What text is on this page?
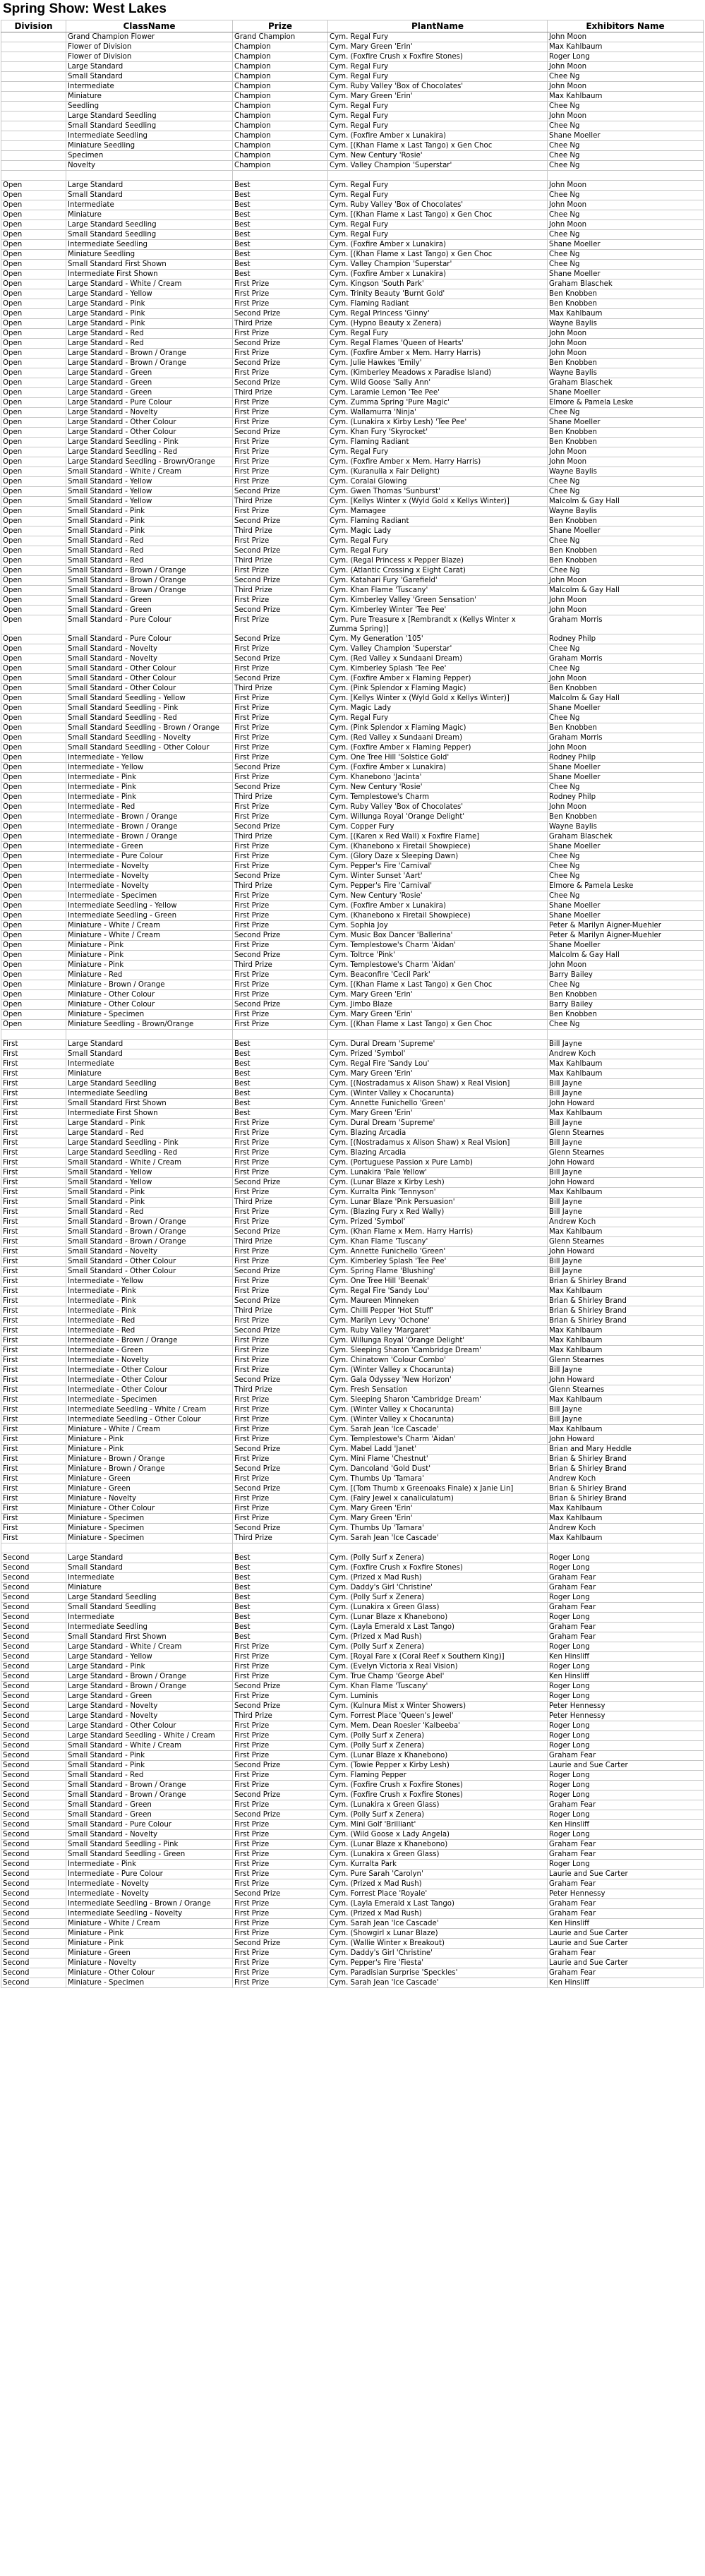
Spring Show: West Lakes
Division	ClassName	Prize	PlantName	Exhibitors Name
	Grand Champion Flower	Grand Champion	Cym. Regal Fury	John Moon
	Flower of Division	Champion	Cym. Mary Green 'Erin'	Max Kahlbaum
	Flower of Division	Champion	Cym. (Foxfire Crush x Foxfire Stones)	Roger Long
	Large Standard	Champion	Cym. Regal Fury	John Moon
	Small Standard	Champion	Cym. Regal Fury	Chee Ng
	Intermediate	Champion	Cym. Ruby Valley 'Box of Chocolates'	John Moon
	Miniature	Champion	Cym. Mary Green 'Erin'	Max Kahlbaum
	Seedling	Champion	Cym. Regal Fury	Chee Ng
	Large Standard Seedling	Champion	Cym. Regal Fury	John Moon
	Small Standard Seedling	Champion	Cym. Regal Fury	Chee Ng
	Intermediate Seedling	Champion	Cym. (Foxfire Amber x Lunakira)	Shane Moeller
	Miniature Seedling	Champion	Cym. [(Khan Flame x Last Tango) x Gen Choc	Chee Ng
	Specimen	Champion	Cym. New Century 'Rosie'	Chee Ng
	Novelty	Champion	Cym. Valley Champion 'Superstar'	Chee Ng

Open	Large Standard	Best	Cym. Regal Fury	John Moon
Open	Small Standard	Best	Cym. Regal Fury	Chee Ng
Open	Intermediate	Best	Cym. Ruby Valley 'Box of Chocolates'	John Moon
Open	Miniature	Best	Cym. [(Khan Flame x Last Tango) x Gen Choc	Chee Ng
Open	Large Standard Seedling	Best	Cym. Regal Fury	John Moon
Open	Small Standard Seedling	Best	Cym. Regal Fury	Chee Ng
Open	Intermediate Seedling	Best	Cym. (Foxfire Amber x Lunakira)	Shane Moeller
Open	Miniature Seedling	Best	Cym. [(Khan Flame x Last Tango) x Gen Choc	Chee Ng
Open	Small Standard First Shown	Best	Cym. Valley Champion 'Superstar'	Chee Ng
Open	Intermediate First Shown	Best	Cym. (Foxfire Amber x Lunakira)	Shane Moeller
Open	Large Standard - White / Cream	First Prize	Cym. Kingson 'South Park'	Graham Blaschek
Open	Large Standard - Yellow	First Prize	Cym. Trinity Beauty 'Burnt Gold'	Ben Knobben
Open	Large Standard - Pink	First Prize	Cym. Flaming Radiant	Ben Knobben
Open	Large Standard - Pink	Second Prize	Cym. Regal Princess 'Ginny'	Max Kahlbaum
Open	Large Standard - Pink	Third Prize	Cym. (Hypno Beauty x Zenera)	Wayne Baylis
Open	Large Standard - Red	First Prize	Cym. Regal Fury	John Moon
Open	Large Standard - Red	Second Prize	Cym. Regal Flames 'Queen of Hearts'	John Moon
Open	Large Standard - Brown / Orange	First Prize	Cym. (Foxfire Amber x Mem. Harry Harris)	John Moon
Open	Large Standard - Brown / Orange	Second Prize	Cym. Julie Hawkes 'Emily'	Ben Knobben
Open	Large Standard - Green	First Prize	Cym. (Kimberley Meadows x Paradise Island)	Wayne Baylis
Open	Large Standard - Green	Second Prize	Cym. Wild Goose 'Sally Ann'	Graham Blaschek
Open	Large Standard - Green	Third Prize	Cym. Laramie Lemon 'Tee Pee'	Shane Moeller
Open	Large Standard - Pure Colour	First Prize	Cym. Zumma Spring 'Pure Magic'	Elmore & Pamela Leske
Open	Large Standard - Novelty	First Prize	Cym. Wallamurra 'Ninja'	Chee Ng
Open	Large Standard - Other Colour	First Prize	Cym. (Lunakira x Kirby Lesh) 'Tee Pee'	Shane Moeller
Open	Large Standard - Other Colour	Second Prize	Cym. Khan Fury 'Skyrocket'	Ben Knobben
Open	Large Standard Seedling - Pink	First Prize	Cym. Flaming Radiant	Ben Knobben
Open	Large Standard Seedling - Red	First Prize	Cym. Regal Fury	John Moon
Open	Large Standard Seedling - Brown/Orange	First Prize	Cym. (Foxfire Amber x Mem. Harry Harris)	John Moon
Open	Small Standard - White / Cream	First Prize	Cym. (Kuranulla x Fair Delight)	Wayne Baylis
Open	Small Standard - Yellow	First Prize	Cym. Coralai Glowing	Chee Ng
Open	Small Standard - Yellow	Second Prize	Cym. Gwen Thomas 'Sunburst'	Chee Ng
Open	Small Standard - Yellow	Third Prize	Cym. [Kellys Winter x (Wyld Gold x Kellys Winter)]	Malcolm & Gay Hall
Open	Small Standard - Pink	First Prize	Cym. Mamagee	Wayne Baylis
Open	Small Standard - Pink	Second Prize	Cym. Flaming Radiant	Ben Knobben
Open	Small Standard - Pink	Third Prize	Cym. Magic Lady	Shane Moeller
Open	Small Standard - Red	First Prize	Cym. Regal Fury	Chee Ng
Open	Small Standard - Red	Second Prize	Cym. Regal Fury	Ben Knobben
Open	Small Standard - Red	Third Prize	Cym. (Regal Princess x Pepper Blaze)	Ben Knobben
Open	Small Standard - Brown / Orange	First Prize	Cym. (Atlantic Crossing x Eight Carat)	Chee Ng
Open	Small Standard - Brown / Orange	Second Prize	Cym. Katahari Fury 'Garefield'	John Moon
Open	Small Standard - Brown / Orange	Third Prize	Cym. Khan Flame 'Tuscany'	Malcolm & Gay Hall
Open	Small Standard - Green	First Prize	Cym. Kimberley Valley 'Green Sensation'	John Moon
Open	Small Standard - Green	Second Prize	Cym. Kimberley Winter 'Tee Pee'	John Moon
Open	Small Standard - Pure Colour	First Prize	Cym. Pure Treasure x [Rembrandt x (Kellys Winter x Zumma Spring)]	Graham Morris
Open	Small Standard - Pure Colour	Second Prize	Cym. My Generation '105'	Rodney Philp
Open	Small Standard - Novelty	First Prize	Cym. Valley Champion 'Superstar'	Chee Ng
Open	Small Standard - Novelty	Second Prize	Cym. (Red Valley x Sundaani Dream)	Graham Morris
Open	Small Standard - Other Colour	First Prize	Cym. Kimberley Splash 'Tee Pee'	Chee Ng
Open	Small Standard - Other Colour	Second Prize	Cym. (Foxfire Amber x Flaming Pepper)	John Moon
Open	Small Standard - Other Colour	Third Prize	Cym. (Pink Splendor x Flaming Magic)	Ben Knobben
Open	Small Standard Seedling - Yellow	First Prize	Cym. [Kellys Winter x (Wyld Gold x Kellys Winter)]	Malcolm & Gay Hall
Open	Small Standard Seedling - Pink	First Prize	Cym. Magic Lady	Shane Moeller
Open	Small Standard Seedling - Red	First Prize	Cym. Regal Fury	Chee Ng
Open	Small Standard Seedling - Brown / Orange	First Prize	Cym. (Pink Splendor x Flaming Magic)	Ben Knobben
Open	Small Standard Seedling - Novelty	First Prize	Cym. (Red Valley x Sundaani Dream)	Graham Morris
Open	Small Standard Seedling - Other Colour	First Prize	Cym. (Foxfire Amber x Flaming Pepper)	John Moon
Open	Intermediate - Yellow	First Prize	Cym. One Tree Hill 'Solstice Gold'	Rodney Philp
Open	Intermediate - Yellow	Second Prize	Cym. (Foxfire Amber x Lunakira)	Shane Moeller
Open	Intermediate - Pink	First Prize	Cym. Khanebono 'Jacinta'	Shane Moeller
Open	Intermediate - Pink	Second Prize	Cym. New Century 'Rosie'	Chee Ng
Open	Intermediate - Pink	Third Prize	Cym. Templestowe's Charm	Rodney Philp
Open	Intermediate - Red	First Prize	Cym. Ruby Valley 'Box of Chocolates'	John Moon
Open	Intermediate - Brown / Orange	First Prize	Cym. Willunga Royal 'Orange Delight'	Ben Knobben
Open	Intermediate - Brown / Orange	Second Prize	Cym. Copper Fury	Wayne Baylis
Open	Intermediate - Brown / Orange	Third Prize	Cym. [(Karen x Red Wall) x Foxfire Flame]	Graham Blaschek
Open	Intermediate - Green	First Prize	Cym. (Khanebono x Firetail Showpiece)	Shane Moeller
Open	Intermediate - Pure Colour	First Prize	Cym. (Glory Daze x Sleeping Dawn)	Chee Ng
Open	Intermediate - Novelty	First Prize	Cym. Pepper's Fire 'Carnival'	Chee Ng
Open	Intermediate - Novelty	Second Prize	Cym. Winter Sunset 'Aart'	Chee Ng
Open	Intermediate - Novelty	Third Prize	Cym. Pepper's Fire 'Carnival'	Elmore & Pamela Leske
Open	Intermediate - Specimen	First Prize	Cym. New Century 'Rosie'	Chee Ng
Open	Intermediate Seedling - Yellow	First Prize	Cym. (Foxfire Amber x Lunakira)	Shane Moeller
Open	Intermediate Seedling - Green	First Prize	Cym. (Khanebono x Firetail Showpiece)	Shane Moeller
Open	Miniature - White / Cream	First Prize	Cym. Sophia Joy	Peter & Marilyn Aigner-Muehler
Open	Miniature - White / Cream	Second Prize	Cym. Music Box Dancer 'Ballerina'	Peter & Marilyn Aigner-Muehler
Open	Miniature - Pink	First Prize	Cym. Templestowe's Charm 'Aidan'	Shane Moeller
Open	Miniature - Pink	Second Prize	Cym. Toltrce 'Pink'	Malcolm & Gay Hall
Open	Miniature - Pink	Third Prize	Cym. Templestowe's Charm 'Aidan'	John Moon
Open	Miniature - Red	First Prize	Cym. Beaconfire 'Cecil Park'	Barry Bailey
Open	Miniature - Brown / Orange	First Prize	Cym. [(Khan Flame x Last Tango) x Gen Choc	Chee Ng
Open	Miniature - Other Colour	First Prize	Cym. Mary Green 'Erin'	Ben Knobben
Open	Miniature - Other Colour	Second Prize	Cym. Jimbo Blaze	Barry Bailey
Open	Miniature - Specimen	First Prize	Cym. Mary Green 'Erin'	Ben Knobben
Open	Miniature Seedling - Brown/Orange	First Prize	Cym. [(Khan Flame x Last Tango) x Gen Choc	Chee Ng

First	Large Standard	Best	Cym. Dural Dream 'Supreme'	Bill Jayne
First	Small Standard	Best	Cym. Prized 'Symbol'	Andrew Koch
First	Intermediate	Best	Cym. Regal Fire 'Sandy Lou'	Max Kahlbaum
First	Miniature	Best	Cym. Mary Green 'Erin'	Max Kahlbaum
First	Large Standard Seedling	Best	Cym. [(Nostradamus x Alison Shaw) x Real Vision]	Bill Jayne
First	Intermediate Seedling	Best	Cym. (Winter Valley x Chocarunta)	Bill Jayne
First	Small Standard First Shown	Best	Cym. Annette Funichello 'Green'	John Howard
First	Intermediate First Shown	Best	Cym. Mary Green 'Erin'	Max Kahlbaum
First	Large Standard - Pink	First Prize	Cym. Dural Dream 'Supreme'	Bill Jayne
First	Large Standard - Red	First Prize	Cym. Blazing Arcadia	Glenn Stearnes
First	Large Standard Seedling - Pink	First Prize	Cym. [(Nostradamus x Alison Shaw) x Real Vision]	Bill Jayne
First	Large Standard Seedling - Red	First Prize	Cym. Blazing Arcadia	Glenn Stearnes
First	Small Standard - White / Cream	First Prize	Cym. (Portuguese Passion x Pure Lamb)	John Howard
First	Small Standard - Yellow	First Prize	Cym. Lunakira 'Pale Yellow'	Bill Jayne
First	Small Standard - Yellow	Second Prize	Cym. (Lunar Blaze x Kirby Lesh)	John Howard
First	Small Standard - Pink	First Prize	Cym. Kurralta Pink 'Tennyson'	Max Kahlbaum
First	Small Standard - Pink	Third Prize	Cym. Lunar Blaze 'Pink Persuasion'	Bill Jayne
First	Small Standard - Red	First Prize	Cym. (Blazing Fury x Red Wally)	Bill Jayne
First	Small Standard - Brown / Orange	First Prize	Cym. Prized 'Symbol'	Andrew Koch
First	Small Standard - Brown / Orange	Second Prize	Cym. (Khan Flame x Mem. Harry Harris)	Max Kahlbaum
First	Small Standard - Brown / Orange	Third Prize	Cym. Khan Flame 'Tuscany'	Glenn Stearnes
First	Small Standard - Novelty	First Prize	Cym. Annette Funichello 'Green'	John Howard
First	Small Standard - Other Colour	First Prize	Cym. Kimberley Splash 'Tee Pee'	Bill Jayne
First	Small Standard - Other Colour	Second Prize	Cym. Spring Flame 'Blushing'	Bill Jayne
First	Intermediate - Yellow	First Prize	Cym. One Tree Hill 'Beenak'	Brian & Shirley Brand
First	Intermediate - Pink	First Prize	Cym. Regal Fire 'Sandy Lou'	Max Kahlbaum
First	Intermediate - Pink	Second Prize	Cym. Maureen Minneken	Brian & Shirley Brand
First	Intermediate - Pink	Third Prize	Cym. Chilli Pepper 'Hot Stuff'	Brian & Shirley Brand
First	Intermediate - Red	First Prize	Cym. Marilyn Levy 'Ochone'	Brian & Shirley Brand
First	Intermediate - Red	Second Prize	Cym. Ruby Valley 'Margaret'	Max Kahlbaum
First	Intermediate - Brown / Orange	First Prize	Cym. Willunga Royal 'Orange Delight'	Max Kahlbaum
First	Intermediate - Green	First Prize	Cym. Sleeping Sharon 'Cambridge Dream'	Max Kahlbaum
First	Intermediate - Novelty	First Prize	Cym. Chinatown 'Colour Combo'	Glenn Stearnes
First	Intermediate - Other Colour	First Prize	Cym. (Winter Valley x Chocarunta)	Bill Jayne
First	Intermediate - Other Colour	Second Prize	Cym. Gala Odyssey 'New Horizon'	John Howard
First	Intermediate - Other Colour	Third Prize	Cym. Fresh Sensation	Glenn Stearnes
First	Intermediate - Specimen	First Prize	Cym. Sleeping Sharon 'Cambridge Dream'	Max Kahlbaum
First	Intermediate Seedling - White / Cream	First Prize	Cym. (Winter Valley x Chocarunta)	Bill Jayne
First	Intermediate Seedling - Other Colour	First Prize	Cym. (Winter Valley x Chocarunta)	Bill Jayne
First	Miniature - White / Cream	First Prize	Cym. Sarah Jean 'Ice Cascade'	Max Kahlbaum
First	Miniature - Pink	First Prize	Cym. Templestowe's Charm 'Aidan'	John Howard
First	Miniature - Pink	Second Prize	Cym. Mabel Ladd 'Janet'	Brian and Mary Heddle
First	Miniature - Brown / Orange	First Prize	Cym. Mini Flame 'Chestnut'	Brian & Shirley Brand
First	Miniature - Brown / Orange	Second Prize	Cym. Dancoland 'Gold Dust'	Brian & Shirley Brand
First	Miniature - Green	First Prize	Cym. Thumbs Up 'Tamara'	Andrew Koch
First	Miniature - Green	Second Prize	Cym. [(Tom Thumb x Greenoaks Finale) x Janie Lin]	Brian & Shirley Brand
First	Miniature - Novelty	First Prize	Cym. (Fairy Jewel x canaliculatum)	Brian & Shirley Brand
First	Miniature - Other Colour	First Prize	Cym. Mary Green 'Erin'	Max Kahlbaum
First	Miniature - Specimen	First Prize	Cym. Mary Green 'Erin'	Max Kahlbaum
First	Miniature - Specimen	Second Prize	Cym. Thumbs Up 'Tamara'	Andrew Koch
First	Miniature - Specimen	Third Prize	Cym. Sarah Jean 'Ice Cascade'	Max Kahlbaum

Second	Large Standard	Best	Cym. (Polly Surf x Zenera)	Roger Long
Second	Small Standard	Best	Cym. (Foxfire Crush x Foxfire Stones)	Roger Long
Second	Intermediate	Best	Cym. (Prized x Mad Rush)	Graham Fear
Second	Miniature	Best	Cym. Daddy's Girl 'Christine'	Graham Fear
Second	Large Standard Seedling	Best	Cym. (Polly Surf x Zenera)	Roger Long
Second	Small Standard Seedling	Best	Cym. (Lunakira x Green Glass)	Graham Fear
Second	Intermediate	Best	Cym. (Lunar Blaze x Khanebono)	Roger Long
Second	Intermediate Seedling	Best	Cym. (Layla Emerald x Last Tango)	Graham Fear
Second	Small Standard First Shown	Best	Cym. (Prized x Mad Rush)	Graham Fear
Second	Large Standard - White / Cream	First Prize	Cym. (Polly Surf x Zenera)	Roger Long
Second	Large Standard - Yellow	First Prize	Cym. [Royal Fare x (Coral Reef x Southern King)]	Ken Hinsliff
Second	Large Standard - Pink	First Prize	Cym. (Evelyn Victoria x Real Vision)	Roger Long
Second	Large Standard - Brown / Orange	First Prize	Cym. True Champ 'George Abel'	Ken Hinsliff
Second	Large Standard - Brown / Orange	Second Prize	Cym. Khan Flame 'Tuscany'	Roger Long
Second	Large Standard - Green	First Prize	Cym. Luminis	Roger Long
Second	Large Standard - Novelty	Second Prize	Cym. (Kulnura Mist x Winter Showers)	Peter Hennessy
Second	Large Standard - Novelty	Third Prize	Cym. Forrest Place 'Queen's Jewel'	Peter Hennessy
Second	Large Standard - Other Colour	First Prize	Cym. Mem. Dean Roesler 'Kalbeeba'	Roger Long
Second	Large Standard Seedling - White / Cream	First Prize	Cym. (Polly Surf x Zenera)	Roger Long
Second	Small Standard - White / Cream	First Prize	Cym. (Polly Surf x Zenera)	Roger Long
Second	Small Standard - Pink	First Prize	Cym. (Lunar Blaze x Khanebono)	Graham Fear
Second	Small Standard - Pink	Second Prize	Cym. (Towie Pepper x Kirby Lesh)	Laurie and Sue Carter
Second	Small Standard - Red	First Prize	Cym. Flaming Pepper	Roger Long
Second	Small Standard - Brown / Orange	First Prize	Cym. (Foxfire Crush x Foxfire Stones)	Roger Long
Second	Small Standard - Brown / Orange	Second Prize	Cym. (Foxfire Crush x Foxfire Stones)	Roger Long
Second	Small Standard - Green	First Prize	Cym. (Lunakira x Green Glass)	Graham Fear
Second	Small Standard - Green	Second Prize	Cym. (Polly Surf x Zenera)	Roger Long
Second	Small Standard - Pure Colour	First Prize	Cym. Mini Golf 'Brilliant'	Ken Hinsliff
Second	Small Standard - Novelty	First Prize	Cym. (Wild Goose x Lady Angela)	Roger Long
Second	Small Standard Seedling - Pink	First Prize	Cym. (Lunar Blaze x Khanebono)	Graham Fear
Second	Small Standard Seedling - Green	First Prize	Cym. (Lunakira x Green Glass)	Graham Fear
Second	Intermediate - Pink	First Prize	Cym. Kurralta Park	Roger Long
Second	Intermediate - Pure Colour	First Prize	Cym. Pure Sarah 'Carolyn'	Laurie and Sue Carter
Second	Intermediate - Novelty	First Prize	Cym. (Prized x Mad Rush)	Graham Fear
Second	Intermediate - Novelty	Second Prize	Cym. Forrest Place 'Royale'	Peter Hennessy
Second	Intermediate Seedling - Brown / Orange	First Prize	Cym. (Layla Emerald x Last Tango)	Graham Fear
Second	Intermediate Seedling - Novelty	First Prize	Cym. (Prized x Mad Rush)	Graham Fear
Second	Miniature - White / Cream	First Prize	Cym. Sarah Jean 'Ice Cascade'	Ken Hinsliff
Second	Miniature - Pink	First Prize	Cym. (Showgirl x Lunar Blaze)	Laurie and Sue Carter
Second	Miniature - Pink	Second Prize	Cym. (Wallie Winter x Breakout)	Laurie and Sue Carter
Second	Miniature - Green	First Prize	Cym. Daddy's Girl 'Christine'	Graham Fear
Second	Miniature - Novelty	First Prize	Cym. Pepper's Fire 'Fiesta'	Laurie and Sue Carter
Second	Miniature - Other Colour	First Prize	Cym. Paradisian Surprise 'Speckles'	Graham Fear
Second	Miniature - Specimen	First Prize	Cym. Sarah Jean 'Ice Cascade'	Ken Hinsliff
